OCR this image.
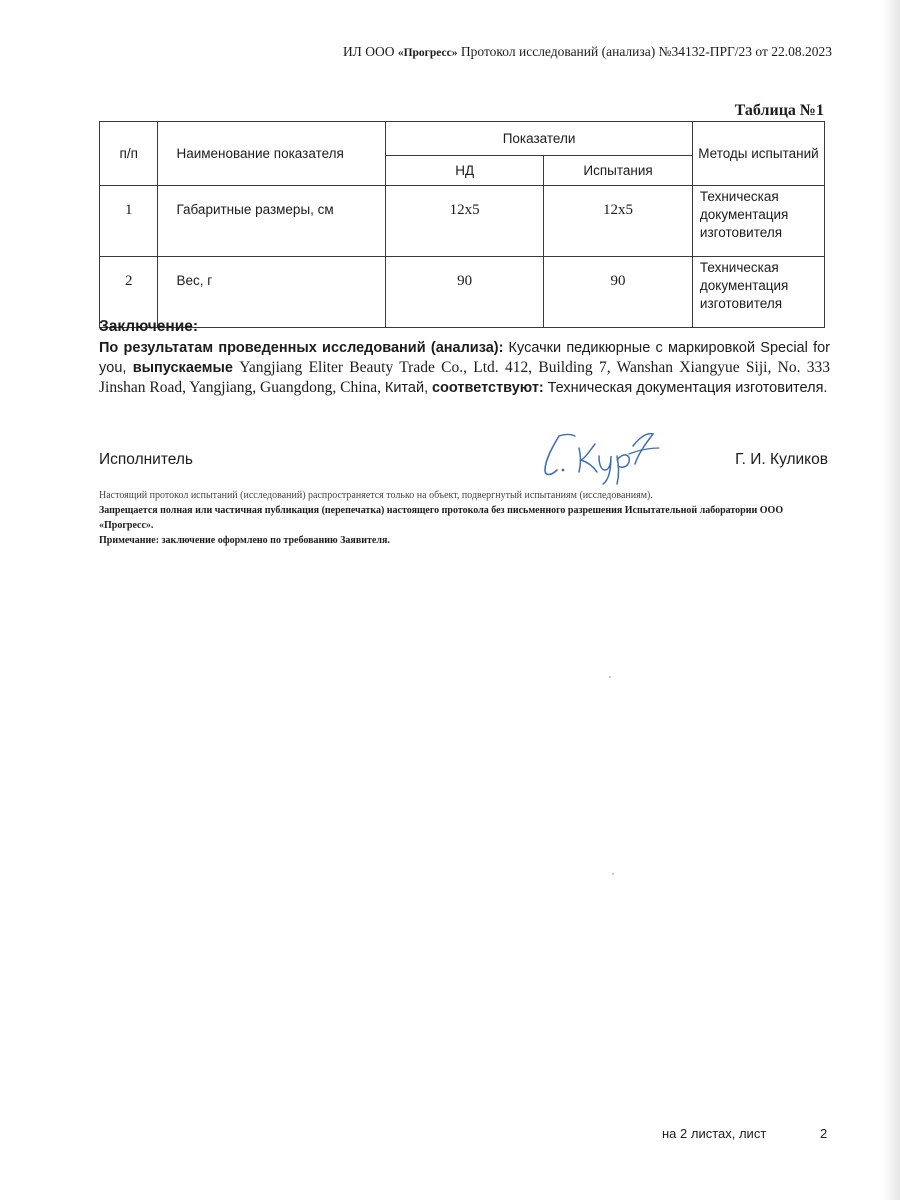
ИЛ ООО «Прогресс» Протокол исследований (анализа) №34132-ПРГ/23 от 22.08.2023
Таблица №1
п/п	Наименование показателя	Показатели		Методы испытаний
		НД	Испытания	
1	Габаритные размеры, см	12х5	12х5	Техническая
документация
изготовителя

2	Вес, г	90	90	Техническая
документация
изготовителя
Заключение:
По результатам проведенных исследований (анализа): Кусачки педикюрные с маркировкой Special for you, выпускаемые Yangjiang Eliter Beauty Trade Co., Ltd. 412, Building 7, Wanshan Xiangyue Siji, No. 333 Jinshan Road, Yangjiang, Guangdong, China, Китай, соответствуют: Техническая документация изготовителя.
Исполнитель	Г. И. Куликов
Настоящий протокол испытаний (исследований) распространяется только на объект, подвергнутый испытаниям (исследованиям).
Запрещается полная или частичная публикация (перепечатка) настоящего протокола без письменного разрешения Испытательной лаборатории ООО «Прогресс».
Примечание: заключение оформлено по требованию Заявителя.
на 2 листах, лист	2
